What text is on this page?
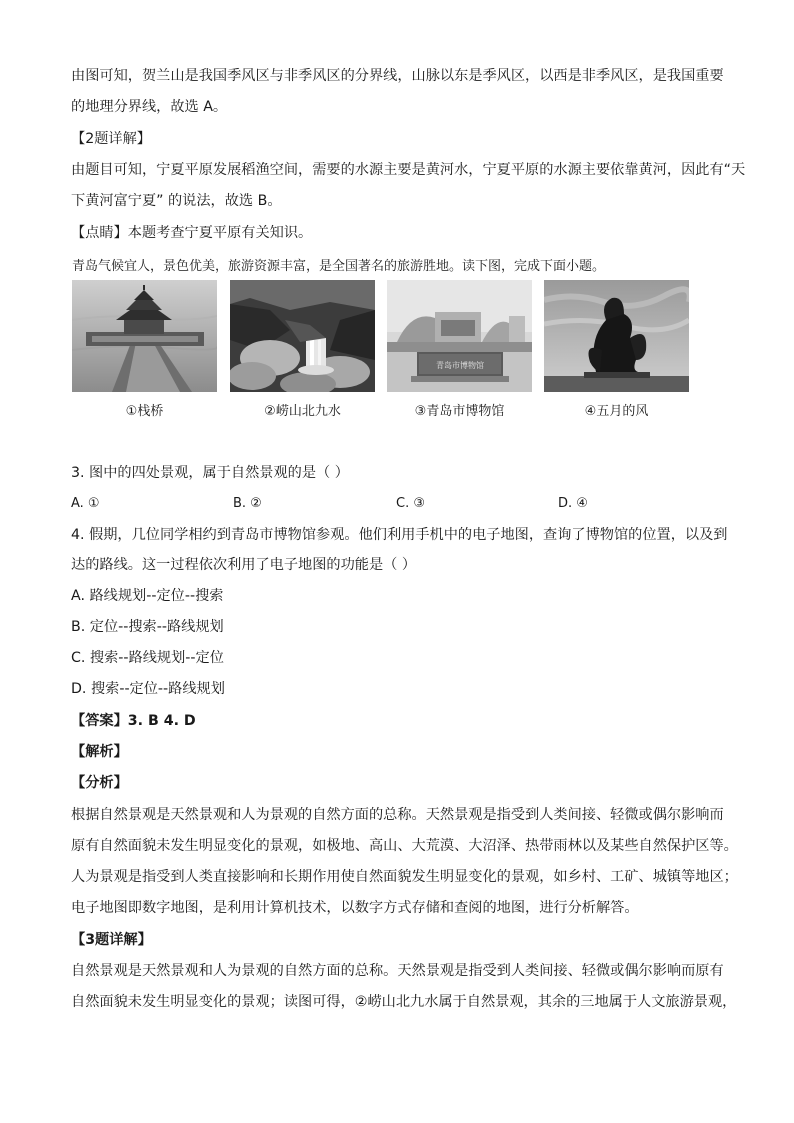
由图可知，贺兰山是我国季风区与非季风区的分界线，山脉以东是季风区，以西是非季风区，是我国重要
的地理分界线，故选 A。
【2题详解】
由题目可知，宁夏平原发展稻渔空间，需要的水源主要是黄河水，宁夏平原的水源主要依靠黄河，因此有“天
下黄河富宁夏” 的说法，故选 B。
【点睛】本题考查宁夏平原有关知识。
青岛气候宜人，景色优美，旅游资源丰富，是全国著名的旅游胜地。读下图，完成下面小题。
青岛市博物馆
①栈桥	②崂山北九水	③青岛市博物馆	④五月的风
3. 图中的四处景观，属于自然景观的是（ ）
A. ①	B. ②	C. ③	D. ④
4. 假期，几位同学相约到青岛市博物馆参观。他们利用手机中的电子地图，查询了博物馆的位置，以及到
达的路线。这一过程依次利用了电子地图的功能是（ ）
A. 路线规划--定位--搜索
B. 定位--搜索--路线规划
C. 搜索--路线规划--定位
D. 搜索--定位--路线规划
【答案】3. B 4. D
【解析】
【分析】
根据自然景观是天然景观和人为景观的自然方面的总称。天然景观是指受到人类间接、轻微或偶尔影响而
原有自然面貌未发生明显变化的景观，如极地、高山、大荒漠、大沼泽、热带雨林以及某些自然保护区等。
人为景观是指受到人类直接影响和长期作用使自然面貌发生明显变化的景观，如乡村、工矿、城镇等地区；
电子地图即数字地图，是利用计算机技术，以数字方式存储和查阅的地图，进行分析解答。
【3题详解】
自然景观是天然景观和人为景观的自然方面的总称。天然景观是指受到人类间接、轻微或偶尔影响而原有
自然面貌未发生明显变化的景观；读图可得，②崂山北九水属于自然景观，其余的三地属于人文旅游景观，
